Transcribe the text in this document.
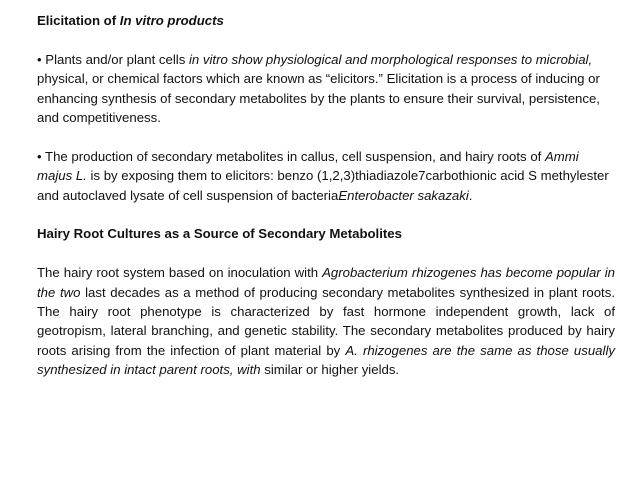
Elicitation of In vitro products

• Plants and/or plant cells in vitro show physiological and morphological responses to microbial, physical, or chemical factors which are known as “elicitors.” Elicitation is a process of inducing or enhancing synthesis of secondary metabolites by the plants to ensure their survival, persistence, and competitiveness.

• The production of secondary metabolites in callus, cell suspension, and hairy roots of Ammi majus L. is by exposing them to elicitors: benzo (1,2,3)thiadiazole7carbothionic acid S methylester and autoclaved lysate of cell suspension of bacteriaEnterobacter sakazaki.

Hairy Root Cultures as a Source of Secondary Metabolites

The hairy root system based on inoculation with Agrobacterium rhizogenes has become popular in the two last decades as a method of producing secondary metabolites synthesized in plant roots. The hairy root phenotype is characterized by fast hormone independent growth, lack of geotropism, lateral branching, and genetic stability. The secondary metabolites produced by hairy roots arising from the infection of plant material by A. rhizogenes are the same as those usually synthesized in intact parent roots, with similar or higher yields.
